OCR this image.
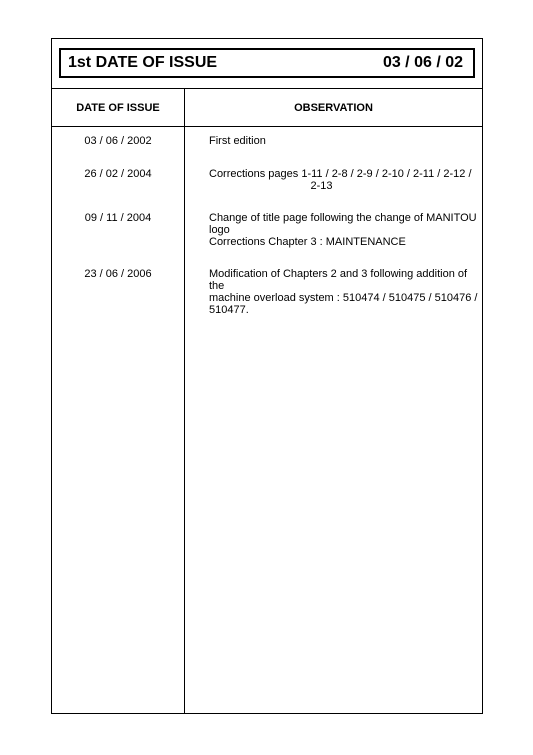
1st DATE OF ISSUE	03 / 06 / 02
DATE OF ISSUE	OBSERVATION
03 / 06 / 2002	First edition
26 / 02 / 2004	Corrections pages 1-11 / 2-8 / 2-9 / 2-10 / 2-11 / 2-12 /
2-13
09 / 11 / 2004	Change of title page following the change of MANITOU
logo
Corrections Chapter 3 : MAINTENANCE
23 / 06 / 2006	Modification of Chapters 2 and 3 following addition of the
machine overload system : 510474 / 510475 / 510476 /
510477.
